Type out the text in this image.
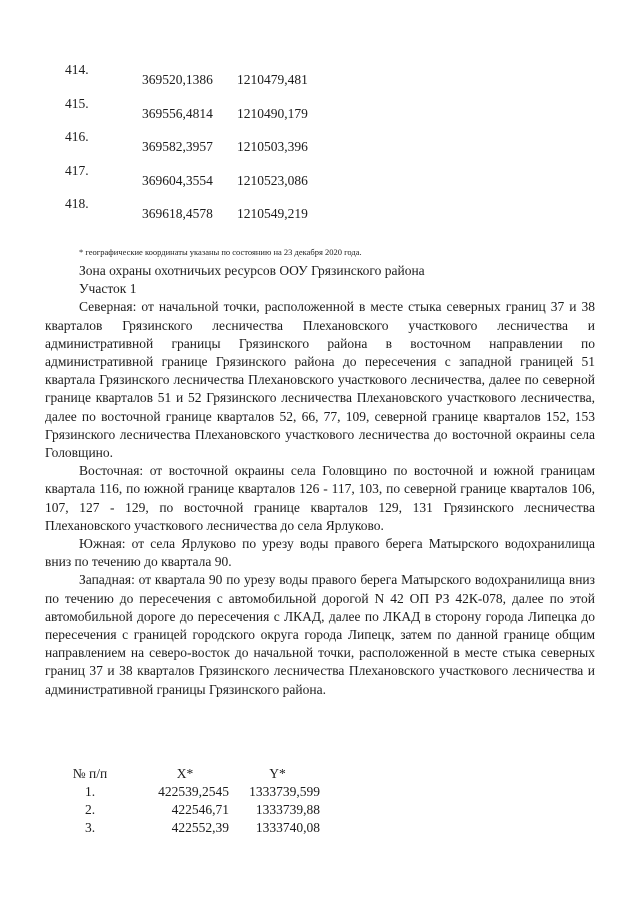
414.
369520,1386 1210479,481
415.
369556,4814 1210490,179
416.
369582,3957 1210503,396
417.
369604,3554 1210523,086
418.
369618,4578 1210549,219
* географические координаты указаны по состоянию на 23 декабря 2020 года.
Зона охраны охотничьих ресурсов ООУ Грязинского района
Участок 1

Северная: от начальной точки, расположенной в месте стыка северных границ 37 и 38 кварталов Грязинского лесничества Плехановского участкового лесничества и административной границы Грязинского района в восточном направлении по административной границе Грязинского района до пересечения с западной границей 51 квартала Грязинского лесничества Плехановского участкового лесничества, далее по северной границе кварталов 51 и 52 Грязинского лесничества Плехановского участкового лесничества, далее по восточной границе кварталов 52, 66, 77, 109, северной границе кварталов 152, 153 Грязинского лесничества Плехановского участкового лесничества до восточной окраины села Головщино.

Восточная: от восточной окраины села Головщино по восточной и южной границам квартала 116, по южной границе кварталов 126 - 117, 103, по северной границе кварталов 106, 107, 127 - 129, по восточной границе кварталов 129, 131 Грязинского лесничества Плехановского участкового лесничества до села Ярлуково.

Южная: от села Ярлуково по урезу воды правого берега Матырского водохранилища вниз по течению до квартала 90.

Западная: от квартала 90 по урезу воды правого берега Матырского водохранилища вниз по течению до пересечения с автомобильной дорогой N 42 ОП РЗ 42К-078, далее по этой автомобильной дороге до пересечения с ЛКАД, далее по ЛКАД в сторону города Липецка до пересечения с границей городского округа города Липецк, затем по данной границе общим направлением на северо-восток до начальной точки, расположенной в месте стыка северных границ 37 и 38 кварталов Грязинского лесничества Плехановского участкового лесничества и административной границы Грязинского района.

№ п/п	X*	Y*
1.	422539,2545	1333739,599
2.	422546,71	1333739,88
3.	422552,39	1333740,08
